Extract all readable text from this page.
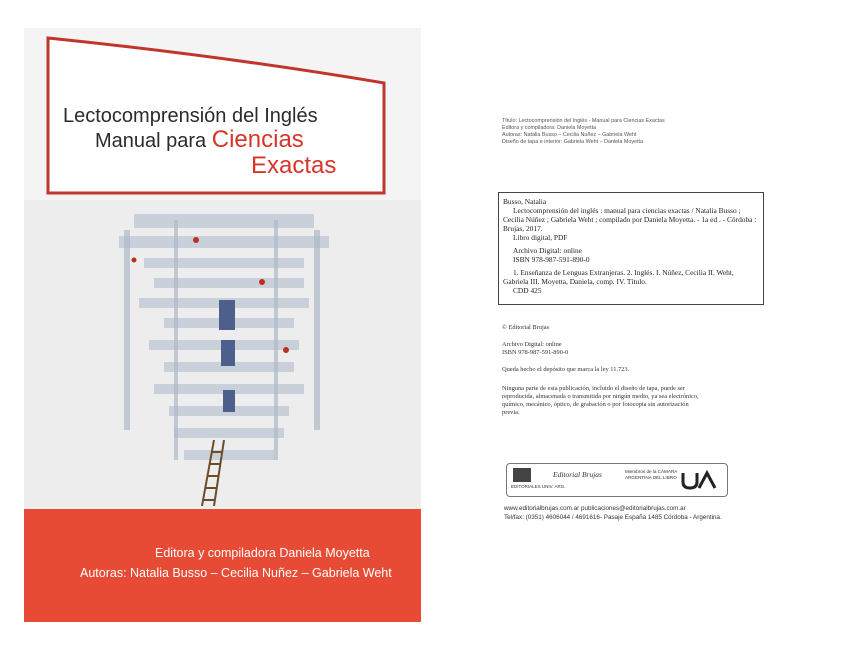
Lectocomprensión del Inglés
Manual para Ciencias
Exactas
Editora y compiladora Daniela Moyetta
Autoras: Natalia Busso – Cecilia Nuñez – Gabriela Weht
Título: Lectocomprensión del Inglés - Manual para Ciencias Exactas
Editora y compiladora: Daniela Moyetta
Autoras: Natalia Busso – Cecilia Nuñez – Gabriela Weht
Diseño de tapa e interior: Gabriela Weht – Daniela Moyetta

Busso, Natalia

Lectocomprensión del inglés : manual para ciencias exactas / Natalia Busso ; Cecilia Núñez ; Gabriela Weht ; compilado por Daniela Moyetta. - 1a ed . - Córdoba : Brujas, 2017.

Libro digital, PDF

Archivo Digital: online

ISBN 978-987-591-890-0

1. Enseñanza de Lenguas Extranjeras. 2. Inglés. I. Núñez, Cecilia II. Weht, Gabriela III. Moyetta, Daniela, comp. IV. Título.

CDD 425

© Editorial Brujas

Archivo Digital: online

ISBN 978-987-591-890-0

Queda hecho el depósito que marca la ley 11.723.

Ninguna parte de esta publicación, incluido el diseño de tapa, puede ser

reproducida, almacenada o transmitida por ningún medio, ya sea electrónico,

químico, mecánico, óptico, de grabación o por fotocopia sin autorización

previa.

EDITORIALES UNIV. ARG.
Editorial Brujas	Miembros de la CÁMARA
ARGENTINA DEL LIBRO
www.editorialbrujas.com.ar publicaciones@editorialbrujas.com.ar
Tel/fax: (0351) 4606044 / 4691616- Pasaje España 1485 Córdoba - Argentina.
